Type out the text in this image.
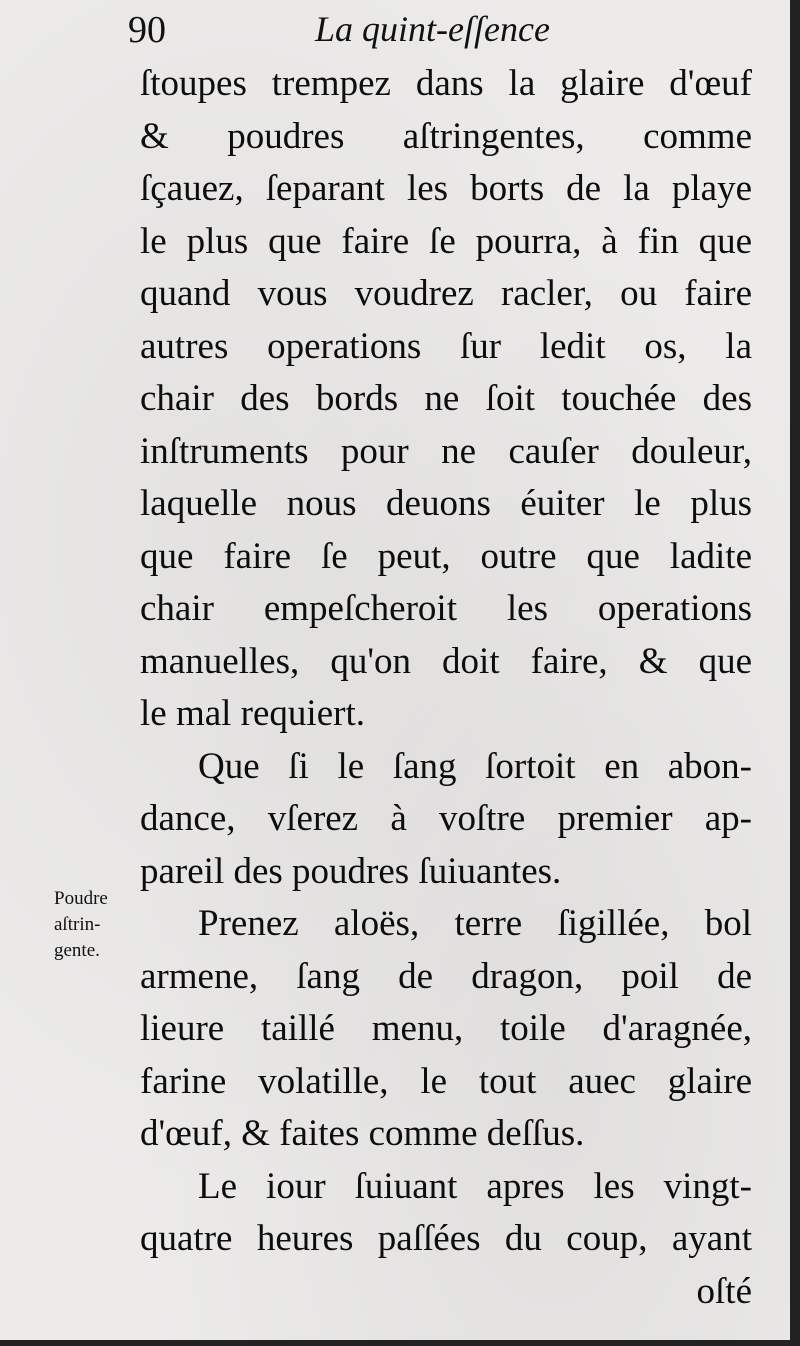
90	La quint-eſſence
ſtoupes trempez dans la glaire d'œuf
& poudres aſtringentes, comme
ſçauez, ſeparant les borts de la playe
le plus que faire ſe pourra, à fin que
quand vous voudrez racler, ou faire
autres operations ſur ledit os, la
chair des bords ne ſoit touchée des
inſtruments pour ne cauſer douleur,
laquelle nous deuons éuiter le plus
que faire ſe peut, outre que ladite
chair empeſcheroit les operations
manuelles, qu'on doit faire, & que
le mal requiert.
Que ſi le ſang ſortoit en abon-
dance, vſerez à voſtre premier ap-
pareil des poudres ſuiuantes.
Prenez aloës, terre ſigillée, bol
armene, ſang de dragon, poil de
lieure taillé menu, toile d'aragnée,
farine volatille, le tout auec glaire
d'œuf, & faites comme deſſus.
Le iour ſuiuant apres les vingt-
quatre heures paſſées du coup, ayant
oſté
Poudre
aſtrin-
gente.
